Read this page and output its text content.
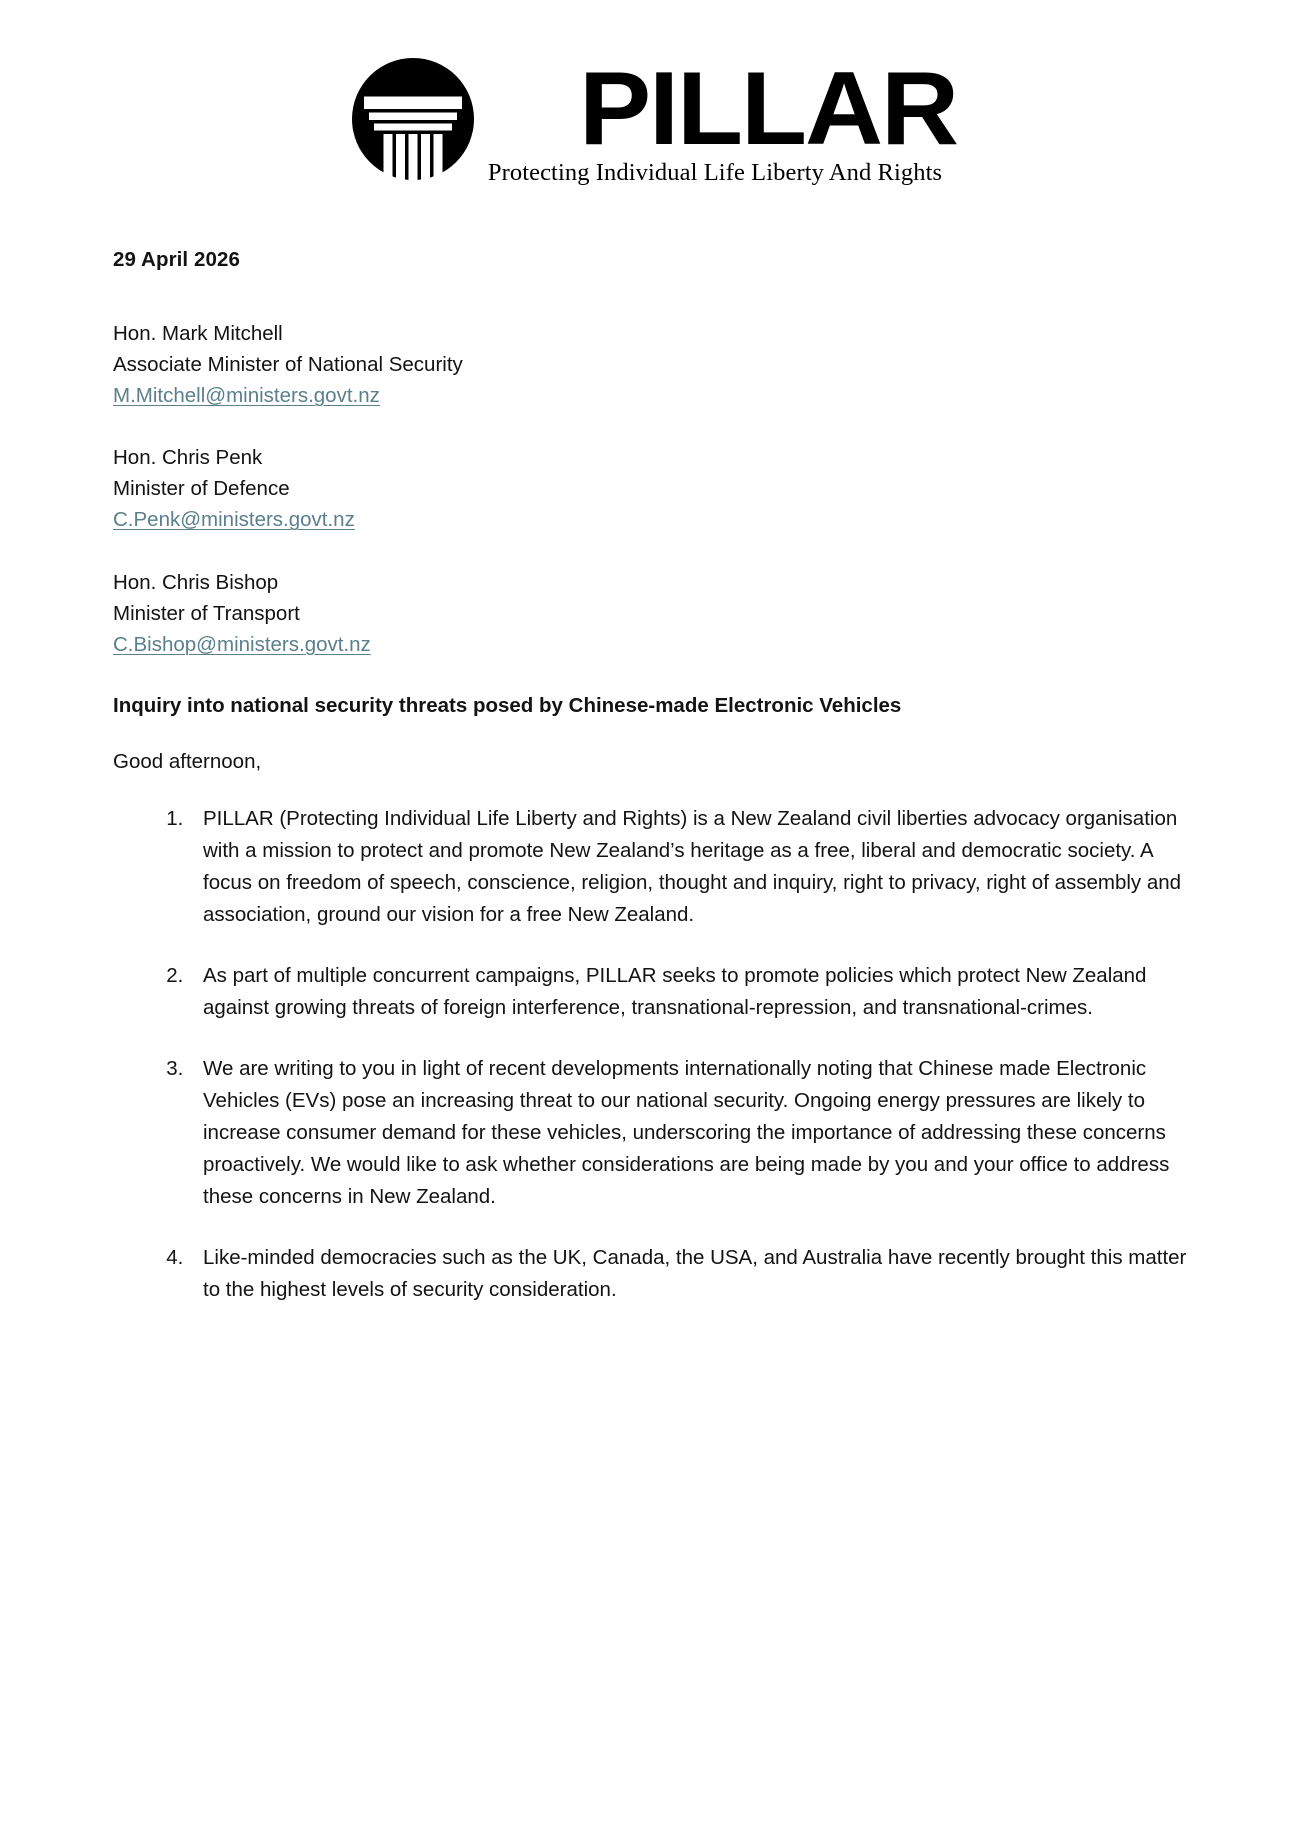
PILLAR
Protecting Individual Life Liberty And Rights

29 April 2026

Hon. Mark Mitchell

Associate Minister of National Security

M.Mitchell@ministers.govt.nz

Hon. Chris Penk

Minister of Defence

C.Penk@ministers.govt.nz

Hon. Chris Bishop

Minister of Transport

C.Bishop@ministers.govt.nz

Inquiry into national security threats posed by Chinese-made Electronic Vehicles

Good afternoon,

1. PILLAR (Protecting Individual Life Liberty and Rights) is a New Zealand civil liberties advocacy organisation with a mission to protect and promote New Zealand’s heritage as a free, liberal and democratic society. A focus on freedom of speech, conscience, religion, thought and inquiry, right to privacy, right of assembly and association, ground our vision for a free New Zealand.
2. As part of multiple concurrent campaigns, PILLAR seeks to promote policies which protect New Zealand against growing threats of foreign interference, transnational-repression, and transnational-crimes.
3. We are writing to you in light of recent developments internationally noting that Chinese made Electronic Vehicles (EVs) pose an increasing threat to our national security. Ongoing energy pressures are likely to increase consumer demand for these vehicles, underscoring the importance of addressing these concerns proactively. We would like to ask whether considerations are being made by you and your office to address these concerns in New Zealand.
4. Like-minded democracies such as the UK, Canada, the USA, and Australia have recently brought this matter to the highest levels of security consideration.
